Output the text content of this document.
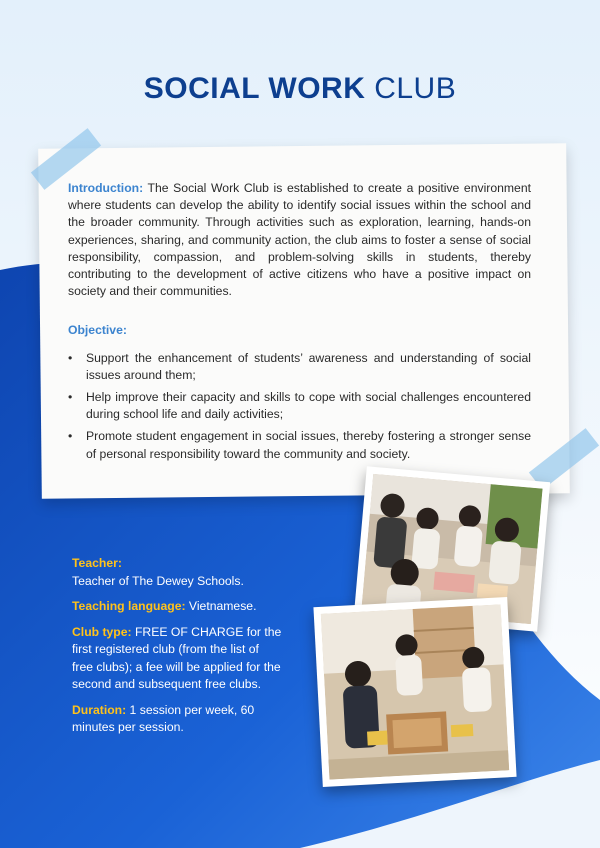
SOCIAL WORK CLUB
Introduction: The Social Work Club is established to create a positive environment where students can develop the ability to identify social issues within the school and the broader community. Through activities such as exploration, learning, hands-on experiences, sharing, and community action, the club aims to foster a sense of social responsibility, compassion, and problem-solving skills in students, thereby contributing to the development of active citizens who have a positive impact on society and their communities.
Objective:
• Support the enhancement of students’ awareness and understanding of social issues around them;
• Help improve their capacity and skills to cope with social challenges encountered during school life and daily activities;
• Promote student engagement in social issues, thereby fostering a stronger sense of personal responsibility toward the community and society.

Teacher:
Teacher of The Dewey Schools.

Teaching language: Vietnamese.

Club type: FREE OF CHARGE for the first registered club (from the list of free clubs); a fee will be applied for the second and subsequent free clubs.

Duration: 1 session per week, 60 minutes per session.
